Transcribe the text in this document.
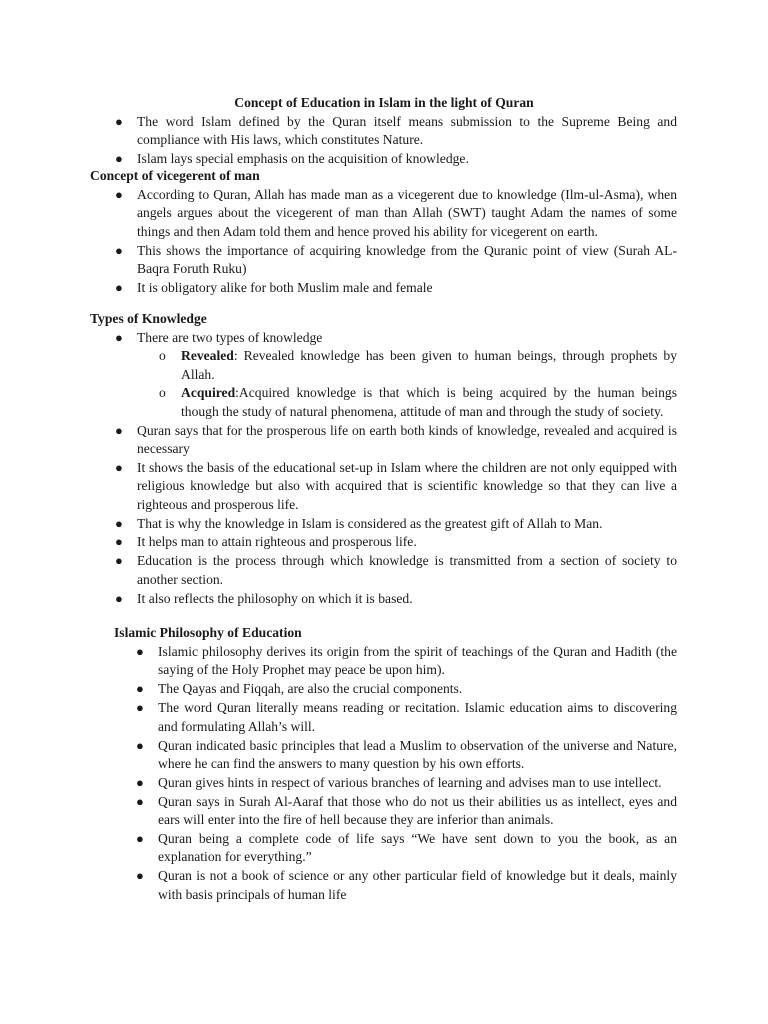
Concept of Education in Islam in the light of Quran
●	The word Islam defined by the Quran itself means submission to the Supreme Being and compliance with His laws, which constitutes Nature.
●	Islam lays special emphasis on the acquisition of knowledge.
Concept of vicegerent of man
●	According to Quran, Allah has made man as a vicegerent due to knowledge (Ilm-ul-Asma), when angels argues about the vicegerent of man than Allah (SWT) taught Adam the names of some things and then Adam told them and hence proved his ability for vicegerent on earth.
●	This shows the importance of acquiring knowledge from the Quranic point of view (Surah AL-Baqra Foruth Ruku)
●	It is obligatory alike for both Muslim male and female
Types of Knowledge
●	There are two types of knowledge
o Revealed: Revealed knowledge has been given to human beings, through prophets by Allah.
o Acquired:Acquired knowledge is that which is being acquired by the human beings though the study of natural phenomena, attitude of man and through the study of society.
●	Quran says that for the prosperous life on earth both kinds of knowledge, revealed and acquired is necessary
●	It shows the basis of the educational set-up in Islam where the children are not only equipped with religious knowledge but also with acquired that is scientific knowledge so that they can live a righteous and prosperous life.
●	That is why the knowledge in Islam is considered as the greatest gift of Allah to Man.
●	It helps man to attain righteous and prosperous life.
●	Education is the process through which knowledge is transmitted from a section of society to another section.
●	It also reflects the philosophy on which it is based.
Islamic Philosophy of Education
●	Islamic philosophy derives its origin from the spirit of teachings of the Quran and Hadith (the saying of the Holy Prophet may peace be upon him).
●	The Qayas and Fiqqah, are also the crucial components.
●	The word Quran literally means reading or recitation. Islamic education aims to discovering and formulating Allah’s will.
●	Quran indicated basic principles that lead a Muslim to observation of the universe and Nature, where he can find the answers to many question by his own efforts.
●	Quran gives hints in respect of various branches of learning and advises man to use intellect.
●	Quran says in Surah Al-Aaraf that those who do not us their abilities us as intellect, eyes and ears will enter into the fire of hell because they are inferior than animals.
●	Quran being a complete code of life says “We have sent down to you the book, as an explanation for everything.”
●	Quran is not a book of science or any other particular field of knowledge but it deals, mainly with basis principals of human life
